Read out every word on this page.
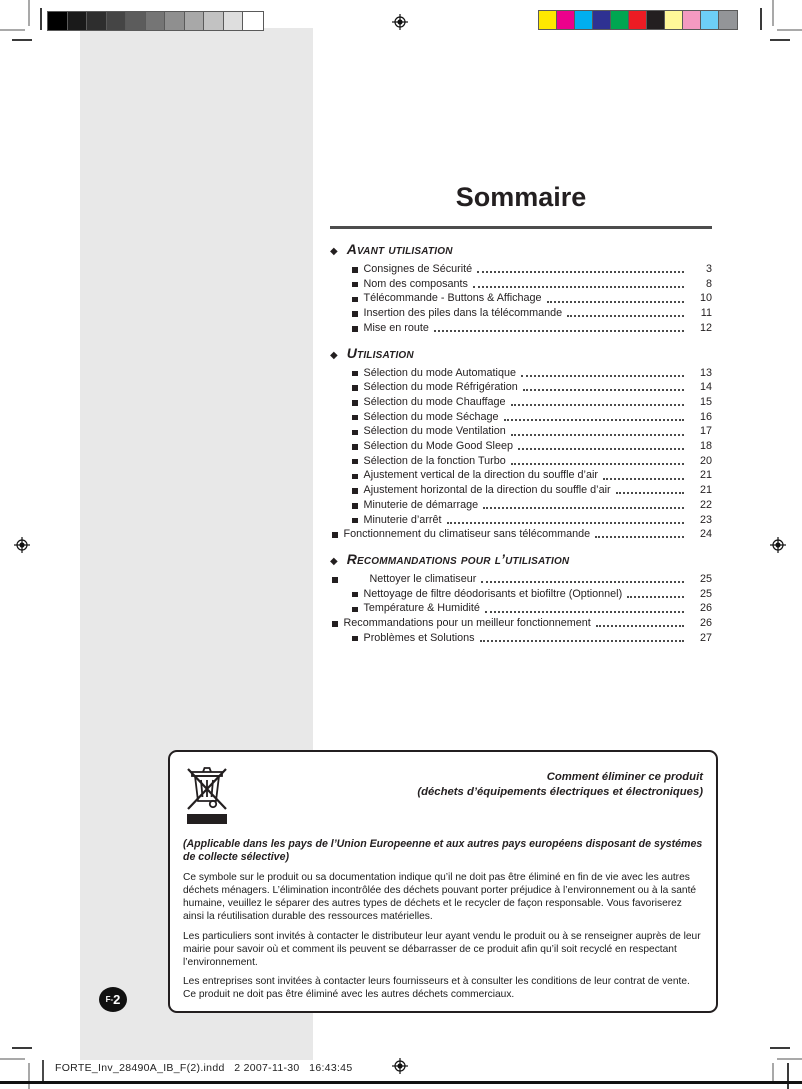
Sommaire
◆ Avant utilisation
Consignes de Sécurité	3
Nom des composants	8
Télécommande - Buttons & Affichage	10
Insertion des piles dans la télécommande	11
Mise en route	12
◆ Utilisation
Sélection du mode Automatique	13
Sélection du mode Réfrigération	14
Sélection du mode Chauffage	15
Sélection du mode Séchage	16
Sélection du mode Ventilation	17
Sélection du Mode Good Sleep	18
Sélection de la fonction Turbo	20
Ajustement vertical de la direction du souffle d’air	21
Ajustement horizontal de la direction du souffle d’air	21
Minuterie de démarrage	22
Minuterie d’arrêt	23
Fonctionnement du climatiseur sans télécommande	24
◆ Recommandations pour l’utilisation
Nettoyer le climatiseur	25
Nettoyage de filtre déodorisants et biofiltre (Optionnel)	25
Température & Humidité	26
Recommandations pour un meilleur fonctionnement	26
Problèmes et Solutions	27
Comment éliminer ce produit
(déchets d’équipements électriques et électroniques)
(Applicable dans les pays de l’Union Europeenne et aux autres pays européens disposant de systémes de collecte sélective)

Ce symbole sur le produit ou sa documentation indique qu’il ne doit pas être éliminé en fin de vie avec les autres déchets ménagers. L’élimination incontrôlée des déchets pouvant porter préjudice à l’environnement ou à la santé humaine, veuillez le séparer des autres types de déchets et le recycler de façon responsable. Vous favoriserez ainsi la réutilisation durable des ressources matérielles.

Les particuliers sont invités à contacter le distributeur leur ayant vendu le produit ou à se renseigner auprès de leur mairie pour savoir où et comment ils peuvent se débarrasser de ce produit afin qu’il soit recyclé en respectant l’environnement.

Les entreprises sont invitées à contacter leurs fournisseurs et à consulter les conditions de leur contrat de vente. Ce produit ne doit pas être éliminé avec les autres déchets commerciaux.

F- 2
FORTE_Inv_28490A_IB_F(2).indd   2 2007-11-30   16:43:45
